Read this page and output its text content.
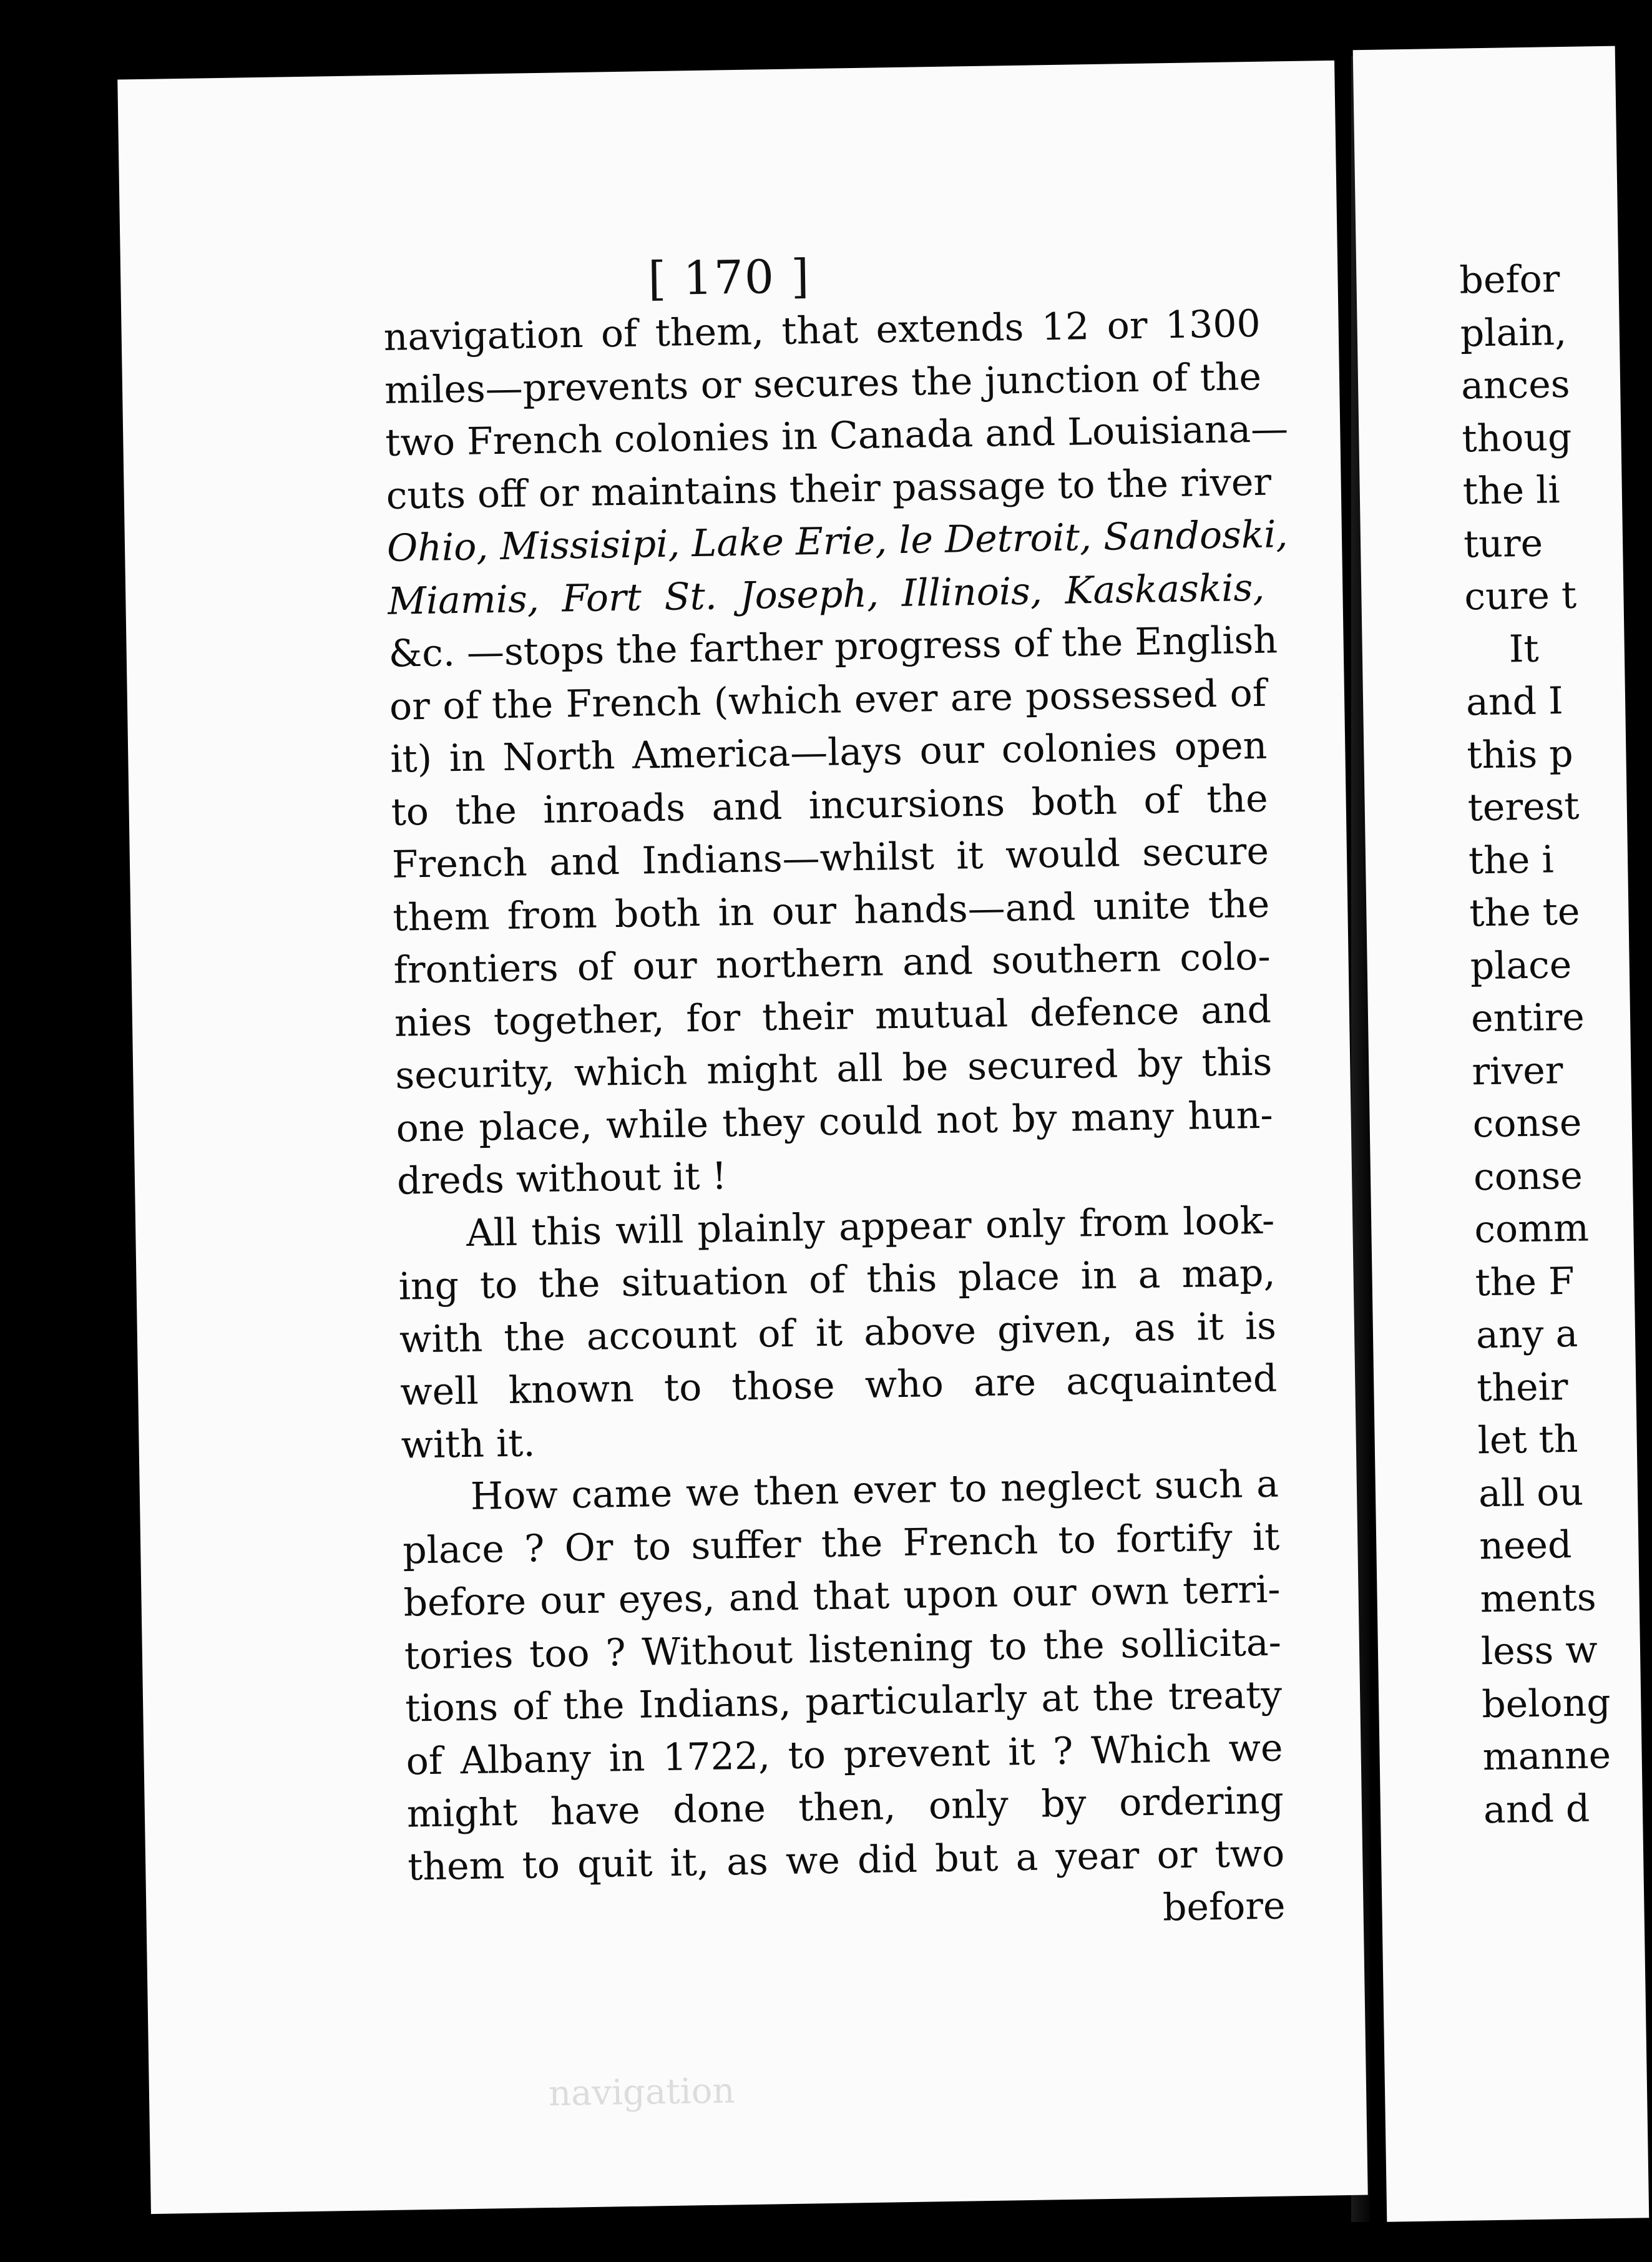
befor
plain,
ances
thoug
the li
ture
cure t
It
and I
this p
terest
the i
the te
place
entire
river
conse
conse
comm
the F
any a
their
let th
all ou
need
ments
less w
belong
manne
and d
[ 170 ]
navigation of them, that extends 12 or 1300
miles—prevents or secures the junction of the
two French colonies in Canada and Louisiana—
cuts off or maintains their passage to the river
Ohio, Missisipi, Lake Erie, le Detroit, Sandoski,
Miamis, Fort St. Joseph, Illinois, Kaskaskis,
&c. —stops the farther progress of the English
or of the French (which ever are possessed of
it) in North America—lays our colonies open
to the inroads and incursions both of the
French and Indians—whilst it would secure
them from both in our hands—and unite the
frontiers of our northern and southern colo-
nies together, for their mutual defence and
security, which might all be secured by this
one place, while they could not by many hun-
dreds without it !
All this will plainly appear only from look-
ing to the situation of this place in a map,
with the account of it above given, as it is
well known to those who are acquainted
with it.
How came we then ever to neglect such a
place ? Or to suffer the French to fortify it
before our eyes, and that upon our own terri-
tories too ? Without listening to the sollicita-
tions of the Indians, particularly at the treaty
of Albany in 1722, to prevent it ? Which we
might have done then, only by ordering
them to quit it, as we did but a year or two
before
navigation
